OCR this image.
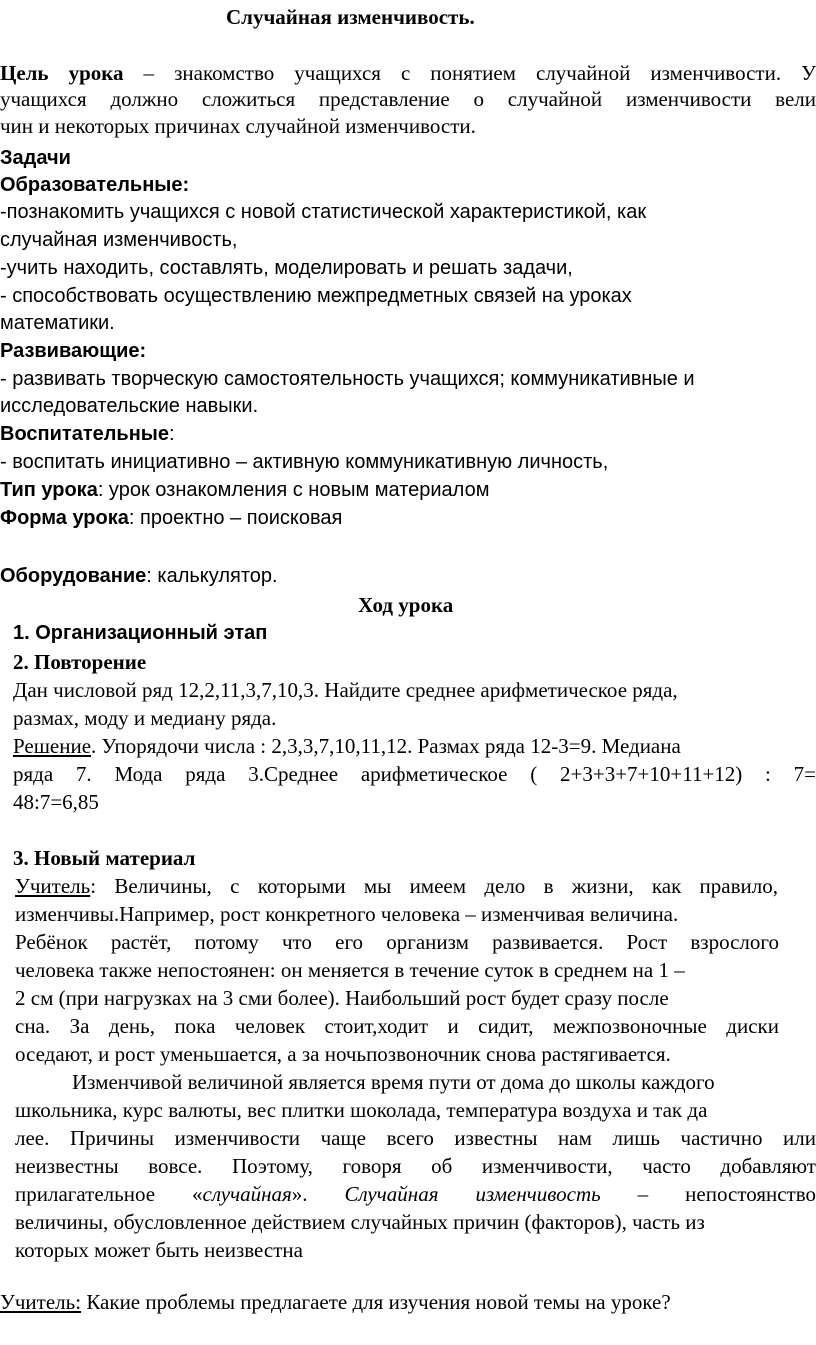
Случайная изменчивость.
Цель урока – знакомство учащихся с понятием случайной изменчивости. У
учащихся должно сложиться представление о случайной изменчивости вели
чин и некоторых причинах случайной изменчивости.
Задачи
Образовательные:
-познакомить учащихся с новой статистической характеристикой, как
случайная изменчивость,
-учить находить, составлять, моделировать и решать задачи,
- способствовать осуществлению межпредметных связей на уроках
математики.
Развивающие:
- развивать творческую самостоятельность учащихся; коммуникативные и
исследовательские навыки.
Воспитательные:
- воспитать инициативно – активную коммуникативную личность,
Тип урока: урок ознакомления с новым материалом
Форма урока: проектно – поисковая
Оборудование: калькулятор.
Ход урока
1. Организационный этап
2. Повторение
Дан числовой ряд 12,2,11,3,7,10,3. Найдите среднее арифметическое ряда,
размах, моду и медиану ряда.
Решение. Упорядочи числа : 2,3,3,7,10,11,12. Размах ряда 12-3=9. Медиана
ряда 7. Мода ряда 3.Среднее арифметическое ( 2+3+3+7+10+11+12) : 7=
48:7=6,85
3. Новый материал
Учитель: Величины, с которыми мы имеем дело в жизни, как правило,
изменчивы.Например, рост конкретного человека – изменчивая величина.
Ребёнок растёт, потому что его организм развивается. Рост взрослого
человека также непостоянен: он меняется в течение суток в среднем на 1 –
2 см (при нагрузках на 3 сми более). Наибольший рост будет сразу после
сна. За день, пока человек стоит,ходит и сидит, межпозвоночные диски
оседают, и рост уменьшается, а за ночьпозвоночник снова растягивается.
Изменчивой величиной является время пути от дома до школы каждого
школьника, курс валюты, вес плитки шоколада, температура воздуха и так да
лее. Причины изменчивости чаще всего известны нам лишь частично или
неизвестны вовсе. Поэтому, говоря об изменчивости, часто добавляют
прилагательное «случайная». Случайная изменчивость – непостоянство
величины, обусловленное действием случайных причин (факторов), часть из
которых может быть неизвестна
Учитель: Какие проблемы предлагаете для изучения новой темы на уроке?
